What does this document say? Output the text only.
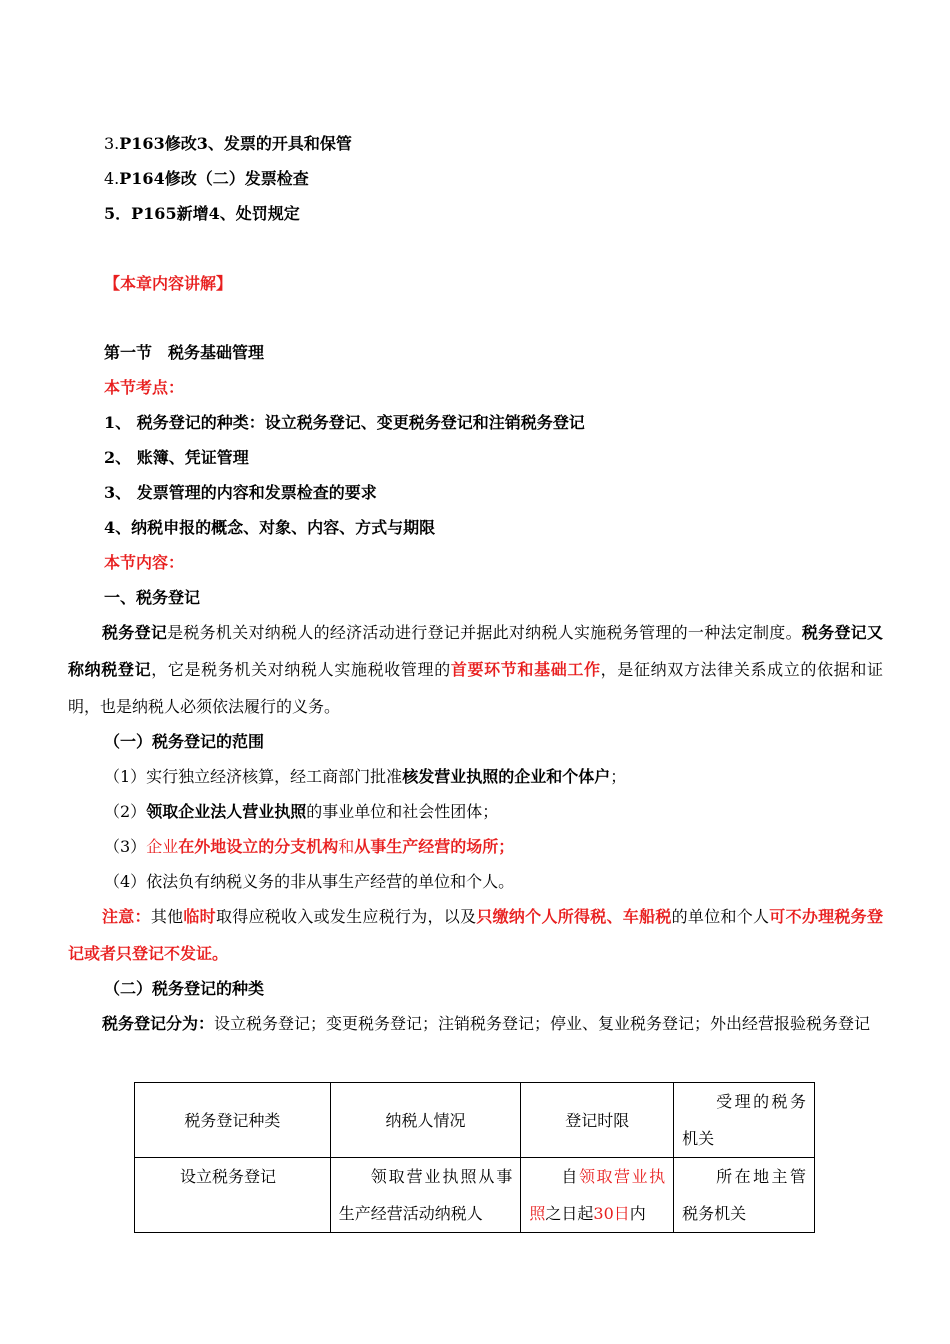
3.P163修改3、发票的开具和保管
4.P164修改（二）发票检查
5．P165新增4、处罚规定
【本章内容讲解】
第一节　税务基础管理
本节考点：
1、 税务登记的种类：设立税务登记、变更税务登记和注销税务登记
2、 账簿、凭证管理
3、 发票管理的内容和发票检查的要求
4、纳税申报的概念、对象、内容、方式与期限
本节内容：
一、税务登记
税务登记是税务机关对纳税人的经济活动进行登记并据此对纳税人实施税务管理的一种法定制度。税务登记又称纳税登记，它是税务机关对纳税人实施税收管理的首要环节和基础工作，是征纳双方法律关系成立的依据和证明，也是纳税人必须依法履行的义务。
（一）税务登记的范围
（1）实行独立经济核算，经工商部门批准核发营业执照的企业和个体户；
（2）领取企业法人营业执照的事业单位和社会性团体；
（3）企业在外地设立的分支机构和从事生产经营的场所；
（4）依法负有纳税义务的非从事生产经营的单位和个人。
注意：其他临时取得应税收入或发生应税行为，以及只缴纳个人所得税、车船税的单位和个人可不办理税务登记或者只登记不发证。
（二）税务登记的种类
税务登记分为：设立税务登记；变更税务登记；注销税务登记；停业、复业税务登记；外出经营报验税务登记
税务登记种类	纳税人情况	登记时限	受理的税务机关
设立税务登记	领取营业执照从事生产经营活动纳税人	自领取营业执照之日起30日内	所在地主管税务机关
